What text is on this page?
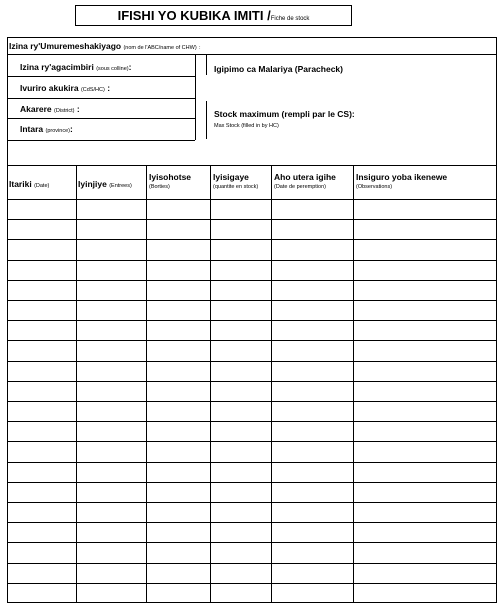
IFISHI YO KUBIKA IMITI /Fiche de stock
Izina ry'Umuremeshakiyago (nom de l'ABC/name of CHW) :
Izina ry'agacimbiri (sous colline):
Ivuriro akukira (CdS/HC) :
Akarere (District) :
Intara (province):
Igipimo ca Malariya (Paracheck)
Stock maximum (rempli par le CS):
Max Stock (filled in by HC)
Itariki (Date)	Iyinjiye (Entrees)
Iyisohotse
(Borties)
Iyisigaye
(quantite en stock)
Aho utera igihe
(Date de peremption)
Insiguro yoba ikenewe
(Observations)
